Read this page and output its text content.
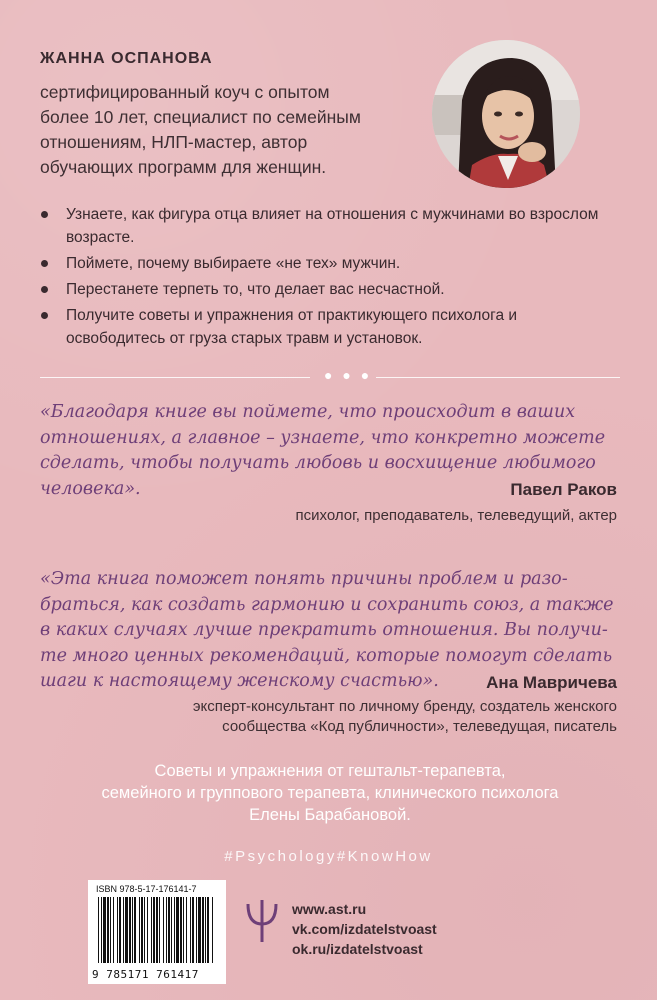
ЖАННА ОСПАНОВА
сертифицированный коуч с опытом
более 10 лет, специалист по семейным
отношениям, НЛП-мастер, автор
обучающих программ для женщин.
Узнаете, как фигура отца влияет на отношения с мужчинами во взрослом возрасте.
Поймете, почему выбираете «не тех» мужчин.
Перестанете терпеть то, что делает вас несчастной.
Получите советы и упражнения от практикующего психолога и освободитесь от груза старых травм и установок.
● ● ●
«Благодаря книге вы поймете, что происходит в ваших
отношениях, а главное – узнаете, что конкретно можете
сделать, чтобы получать любовь и восхищение любимого
человека».	Павел Раков
психолог, преподаватель, телеведущий, актер
«Эта книга поможет понять причины проблем и разо-
браться, как создать гармонию и сохранить союз, а также
в каких случаях лучше прекратить отношения. Вы получи-
те много ценных рекомендаций, которые помогут сделать
шаги к настоящему женскому счастью».	Ана Мавричева
эксперт-консультант по личному бренду, создатель женского
сообщества «Код публичности», телеведущая, писатель
Советы и упражнения от гештальт-терапевта,
семейного и группового терапевта, клинического психолога
Елены Барабановой.
#Psychology#KnowHow
ISBN 978-5-17-176141-7
9 785171 761417
www.ast.ru
vk.com/izdatelstvoast
ok.ru/izdatelstvoast
